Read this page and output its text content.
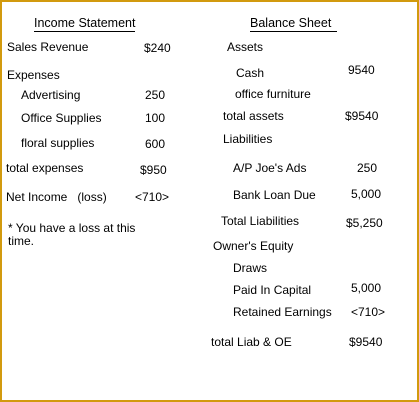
Income Statement
Sales Revenue	$240
Expenses
Advertising	250
Office Supplies	100
floral supplies	600
total expenses	$950
Net Income   (loss) <710>
* You have a loss at this time.
Balance Sheet
Assets
Cash	9540
office furniture
total assets	$9540
Liabilities
A/P Joe's Ads	250
Bank Loan Due	5,000
Total Liabilities	$5,250
Owner's Equity
Draws
Paid In Capital	5,000
Retained Earnings <710>
total Liab & OE	$9540
